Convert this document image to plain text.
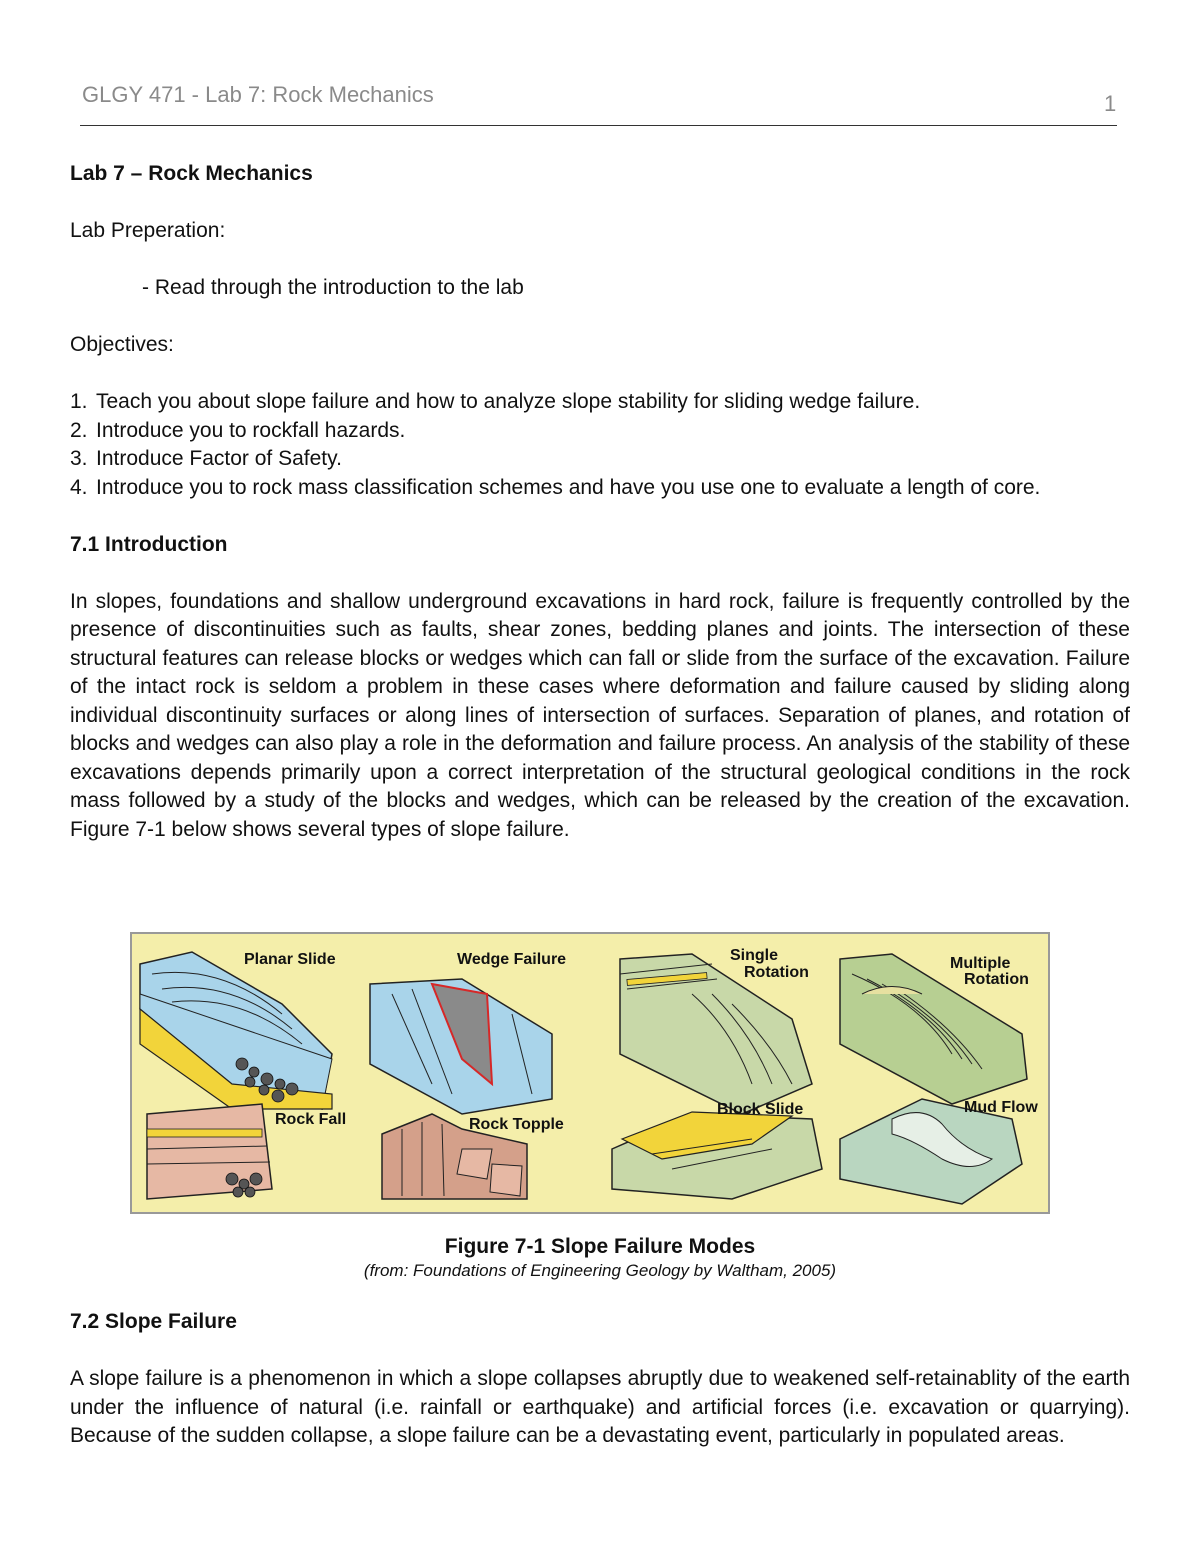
GLGY 471 - Lab 7: Rock Mechanics	1

Lab 7 – Rock Mechanics

Lab Preperation:

- Read through the introduction to the lab

Objectives:

1. Teach you about slope failure and how to analyze slope stability for sliding wedge failure.
2. Introduce you to rockfall hazards.
3. Introduce Factor of Safety.
4. Introduce you to rock mass classification schemes and have you use one to evaluate a length of core.

7.1 Introduction

In slopes, foundations and shallow underground excavations in hard rock, failure is frequently controlled by the presence of discontinuities such as faults, shear zones, bedding planes and joints. The intersection of these structural features can release blocks or wedges which can fall or slide from the surface of the excavation. Failure of the intact rock is seldom a problem in these cases where deformation and failure caused by sliding along individual discontinuity surfaces or along lines of intersection of surfaces. Separation of planes, and rotation of blocks and wedges can also play a role in the deformation and failure process. An analysis of the stability of these excavations depends primarily upon a correct interpretation of the structural geological conditions in the rock mass followed by a study of the blocks and wedges, which can be released by the creation of the excavation. Figure 7-1 below shows several types of slope failure.

Planar Slide	Wedge Failure	Single
Rotation
Multiple
Rotation
Rock Fall	Rock Topple
Block Slide	Mud Flow
Figure 7-1 Slope Failure Modes
(from: Foundations of Engineering Geology by Waltham, 2005)

7.2 Slope Failure

A slope failure is a phenomenon in which a slope collapses abruptly due to weakened self-retainablity of the earth under the influence of natural (i.e. rainfall or earthquake) and artificial forces (i.e. excavation or quarrying). Because of the sudden collapse, a slope failure can be a devastating event, particularly in populated areas.
